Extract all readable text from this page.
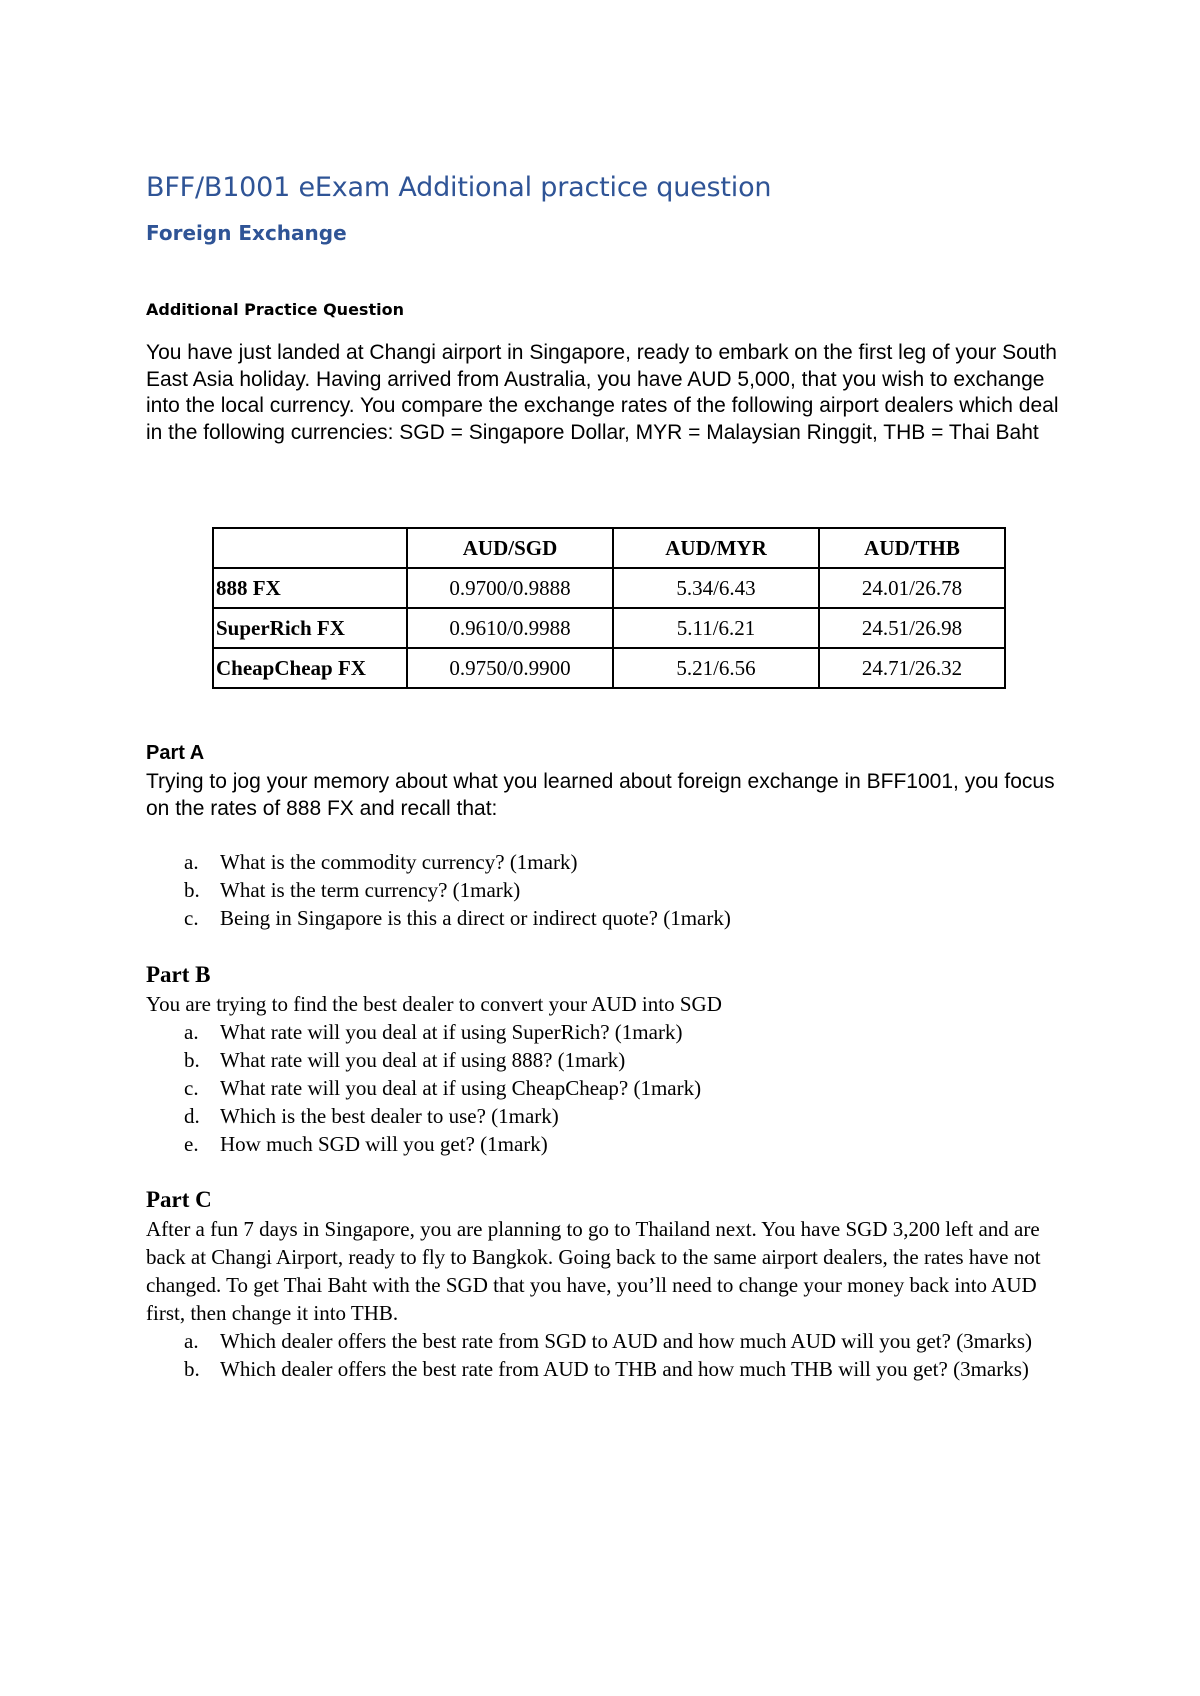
BFF/B1001 eExam Additional practice question
Foreign Exchange
Additional Practice Question

You have just landed at Changi airport in Singapore, ready to embark on the first leg of your South East Asia holiday. Having arrived from Australia, you have AUD 5,000, that you wish to exchange into the local currency. You compare the exchange rates of the following airport dealers which deal in the following currencies: SGD = Singapore Dollar, MYR = Malaysian Ringgit, THB = Thai Baht

	AUD/SGD	AUD/MYR	AUD/THB
888 FX	0.9700/0.9888	5.34/6.43	24.01/26.78
SuperRich FX	0.9610/0.9988	5.11/6.21	24.51/26.98
CheapCheap FX	0.9750/0.9900	5.21/6.56	24.71/26.32
Part A

Trying to jog your memory about what you learned about foreign exchange in BFF1001, you focus on the rates of 888 FX and recall that:

a. What is the commodity currency? (1mark)
b. What is the term currency? (1mark)
c. Being in Singapore is this a direct or indirect quote? (1mark)
Part B

You are trying to find the best dealer to convert your AUD into SGD

a. What rate will you deal at if using SuperRich? (1mark)
b. What rate will you deal at if using 888? (1mark)
c. What rate will you deal at if using CheapCheap? (1mark)
d. Which is the best dealer to use? (1mark)
e. How much SGD will you get? (1mark)
Part C

After a fun 7 days in Singapore, you are planning to go to Thailand next. You have SGD 3,200 left and are back at Changi Airport, ready to fly to Bangkok. Going back to the same airport dealers, the rates have not changed. To get Thai Baht with the SGD that you have, you’ll need to change your money back into AUD first, then change it into THB.

a. Which dealer offers the best rate from SGD to AUD and how much AUD will you get? (3marks)
b. Which dealer offers the best rate from AUD to THB and how much THB will you get? (3marks)
